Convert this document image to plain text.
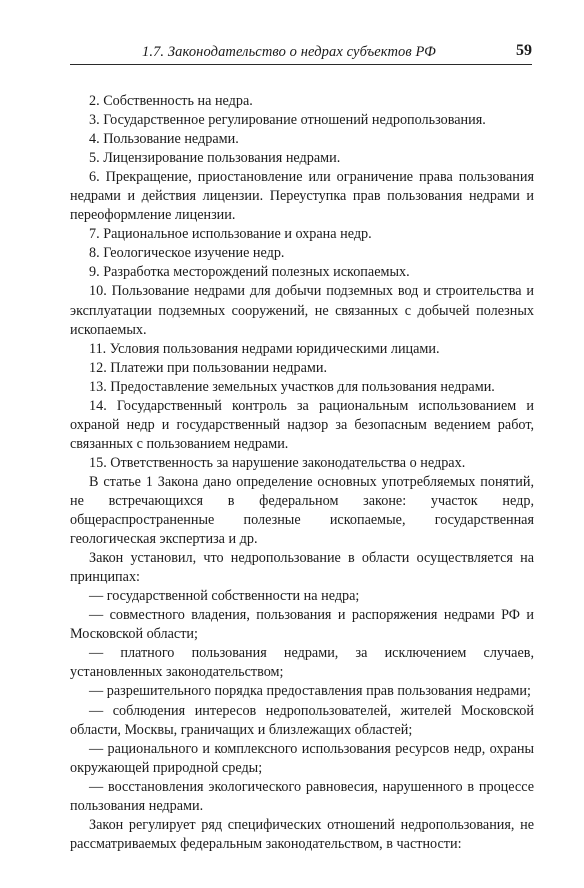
1.7. Законодательство о недрах субъектов РФ	59

2. Собственность на недра.

3. Государственное регулирование отношений недропользования.

4. Пользование недрами.

5. Лицензирование пользования недрами.

6. Прекращение, приостановление или ограничение права пользования недрами и действия лицензии. Переуступка прав пользования недрами и переоформление лицензии.

7. Рациональное использование и охрана недр.

8. Геологическое изучение недр.

9. Разработка месторождений полезных ископаемых.

10. Пользование недрами для добычи подземных вод и строительства и эксплуатации подземных сооружений, не связанных с добычей полезных ископаемых.

11. Условия пользования недрами юридическими лицами.

12. Платежи при пользовании недрами.

13. Предоставление земельных участков для пользования недрами.

14. Государственный контроль за рациональным использованием и охраной недр и государственный надзор за безопасным ведением работ, связанных с пользованием недрами.

15. Ответственность за нарушение законодательства о недрах.

В статье 1 Закона дано определение основных употребляемых понятий, не встречающихся в федеральном законе: участок недр, общераспространенные полезные ископаемые, государственная геологическая экспертиза и др.

Закон установил, что недропользование в области осуществляется на принципах:

— государственной собственности на недра;

— совместного владения, пользования и распоряжения недрами РФ и Московской области;

— платного пользования недрами, за исключением случаев, установленных законодательством;

— разрешительного порядка предоставления прав пользования недрами;

— соблюдения интересов недропользователей, жителей Московской области, Москвы, граничащих и близлежащих областей;

— рационального и комплексного использования ресурсов недр, охраны окружающей природной среды;

— восстановления экологического равновесия, нарушенного в процессе пользования недрами.

Закон регулирует ряд специфических отношений недропользования, не рассматриваемых федеральным законодательством, в частности:
